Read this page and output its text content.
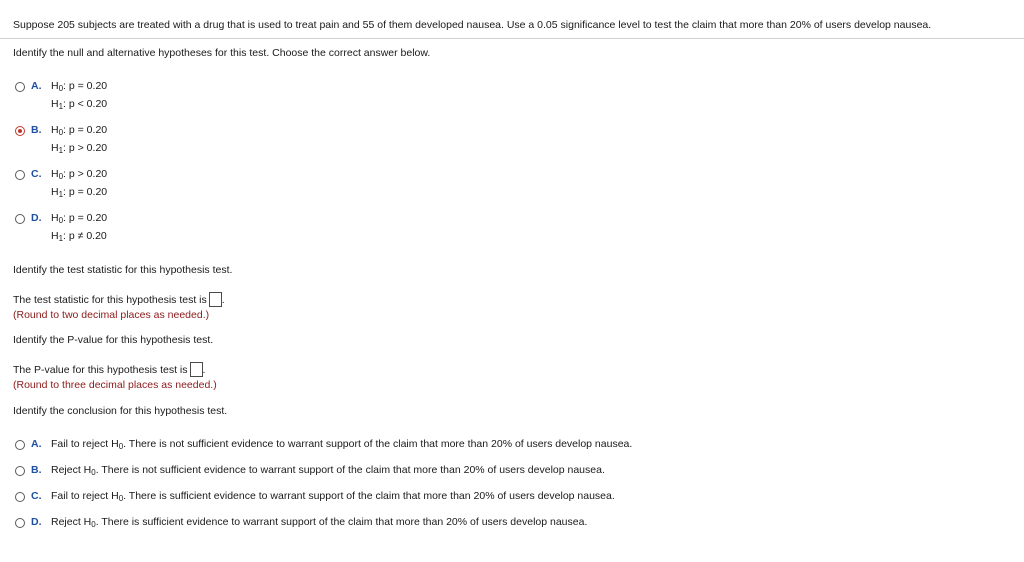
Suppose 205 subjects are treated with a drug that is used to treat pain and 55 of them developed nausea. Use a 0.05 significance level to test the claim that more than 20% of users develop nausea.
Identify the null and alternative hypotheses for this test. Choose the correct answer below.
A. $H_0$: p = 0.20
$H_1$: p < 0.20
B. $H_0$: p = 0.20
$H_1$: p > 0.20
C. $H_0$: p > 0.20
$H_1$: p = 0.20
D. $H_0$: p = 0.20
$H_1$: p ≠ 0.20
Identify the test statistic for this hypothesis test.
The test statistic for this hypothesis test is .
(Round to two decimal places as needed.)
Identify the P-value for this hypothesis test.
The P-value for this hypothesis test is .
(Round to three decimal places as needed.)
Identify the conclusion for this hypothesis test.
A. Fail to reject $H_0$. There is not sufficient evidence to warrant support of the claim that more than 20% of users develop nausea.
B. Reject $H_0$. There is not sufficient evidence to warrant support of the claim that more than 20% of users develop nausea.
C. Fail to reject $H_0$. There is sufficient evidence to warrant support of the claim that more than 20% of users develop nausea.
D. Reject $H_0$. There is sufficient evidence to warrant support of the claim that more than 20% of users develop nausea.
